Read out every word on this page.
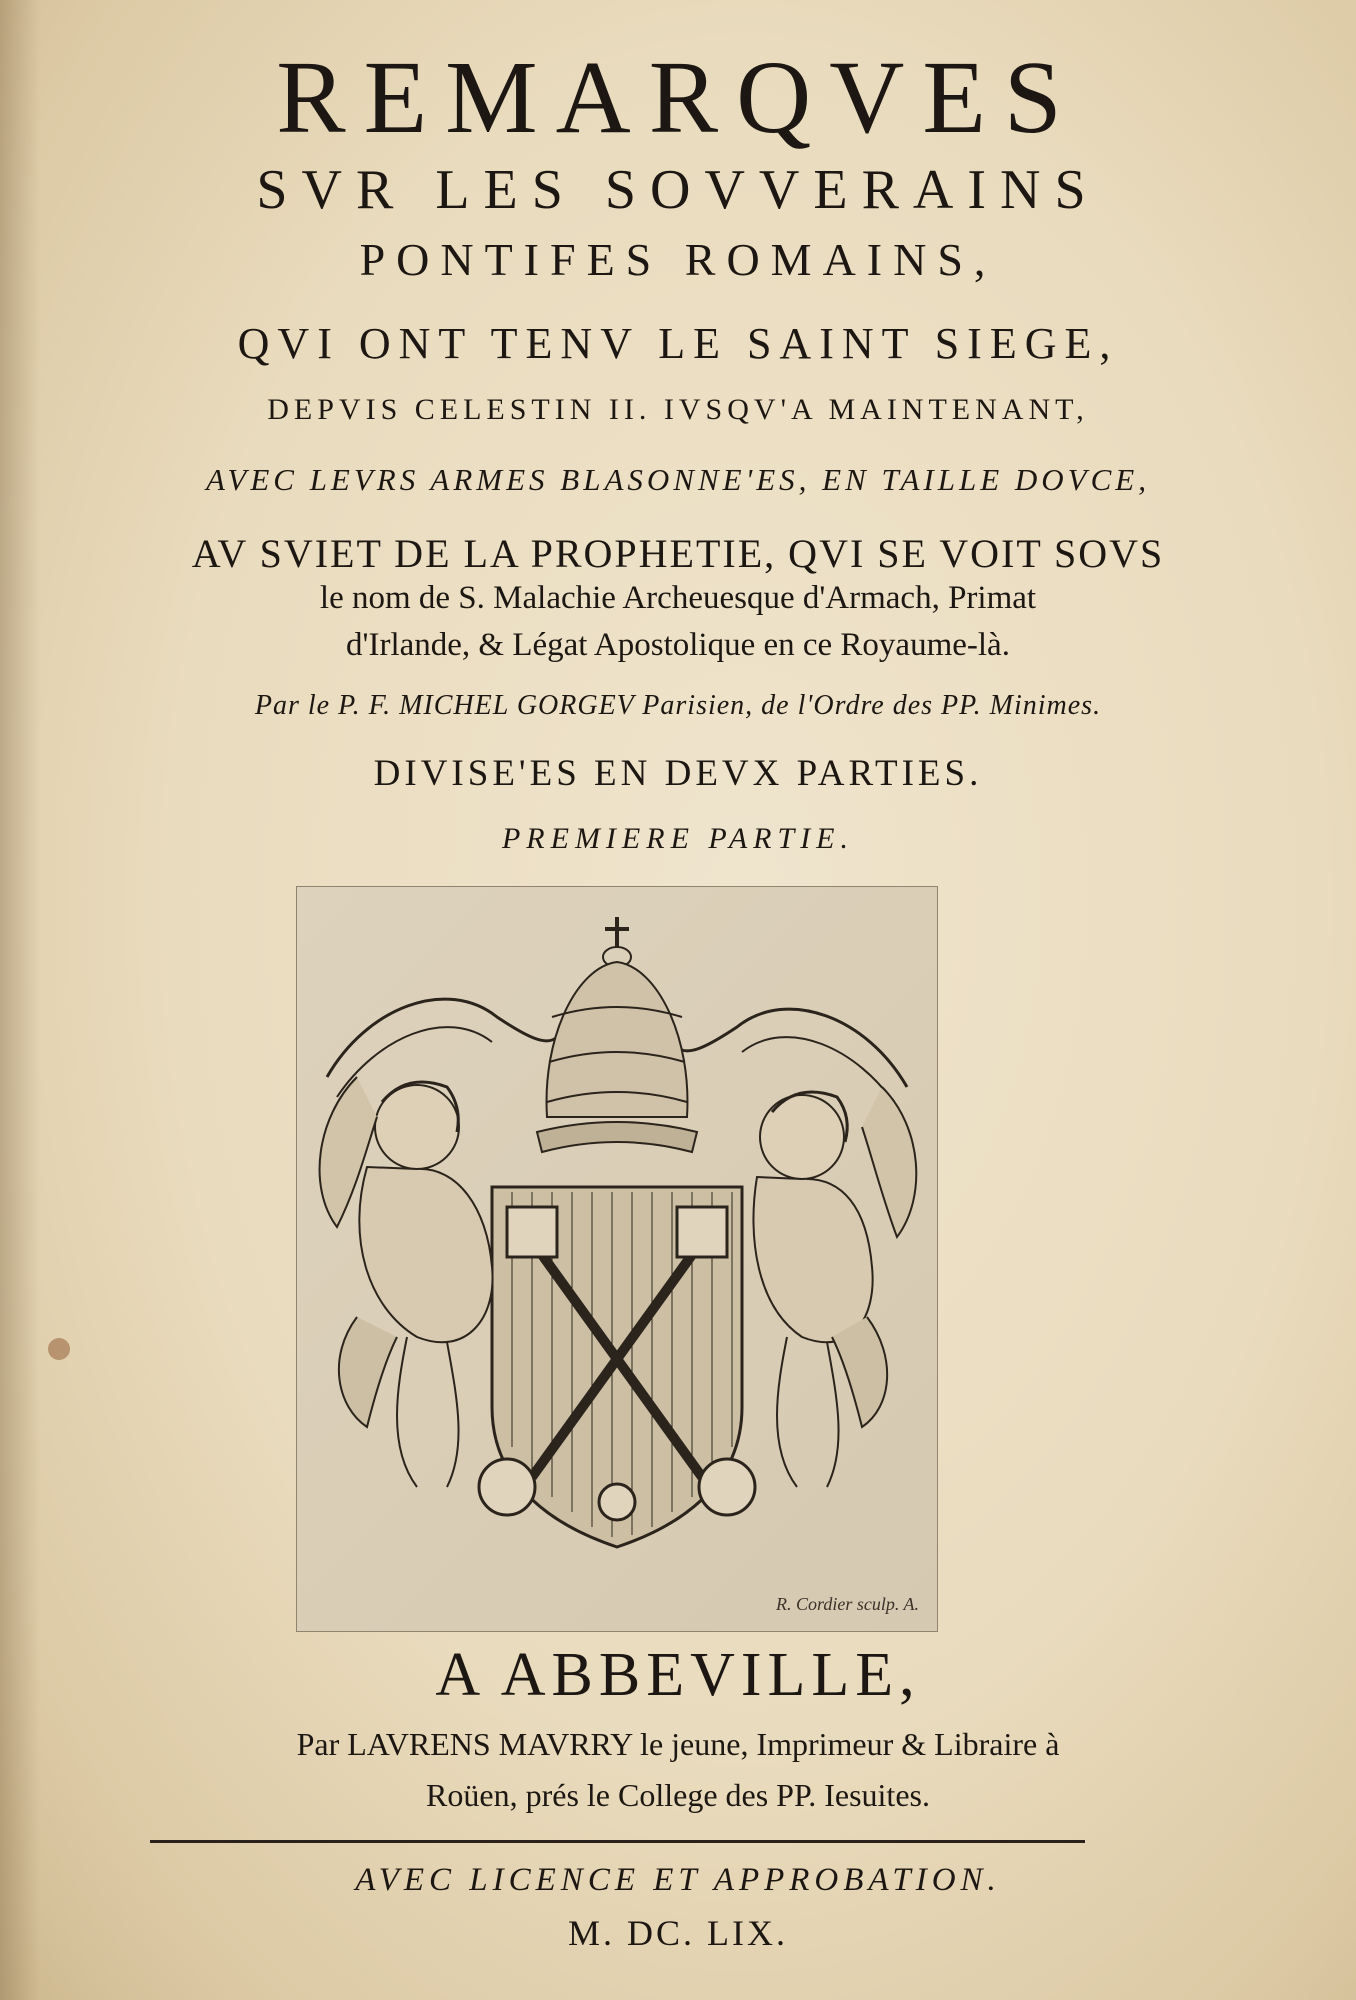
REMARQVES
SVR LES SOVVERAINS
PONTIFES ROMAINS,
QVI ONT TENV LE SAINT SIEGE,
DEPVIS CELESTIN II. IVSQV'A MAINTENANT,
AVEC LEVRS ARMES BLASONNE'ES, EN TAILLE DOVCE,
AV SVIET DE LA PROPHETIE, QVI SE VOIT SOVS
le nom de S. Malachie Archeuesque d'Armach, Primat
d'Irlande, & Légat Apostolique en ce Royaume-là.
Par le P. F. MICHEL GORGEV Parisien, de l'Ordre des PP. Minimes.
DIVISE'ES EN DEVX PARTIES.
PREMIERE PARTIE.
R. Cordier sculp. A.
A ABBEVILLE,
Par LAVRENS MAVRRY le jeune, Imprimeur & Libraire à
Roüen, prés le College des PP. Iesuites.
AVEC LICENCE ET APPROBATION.
M. DC. LIX.
